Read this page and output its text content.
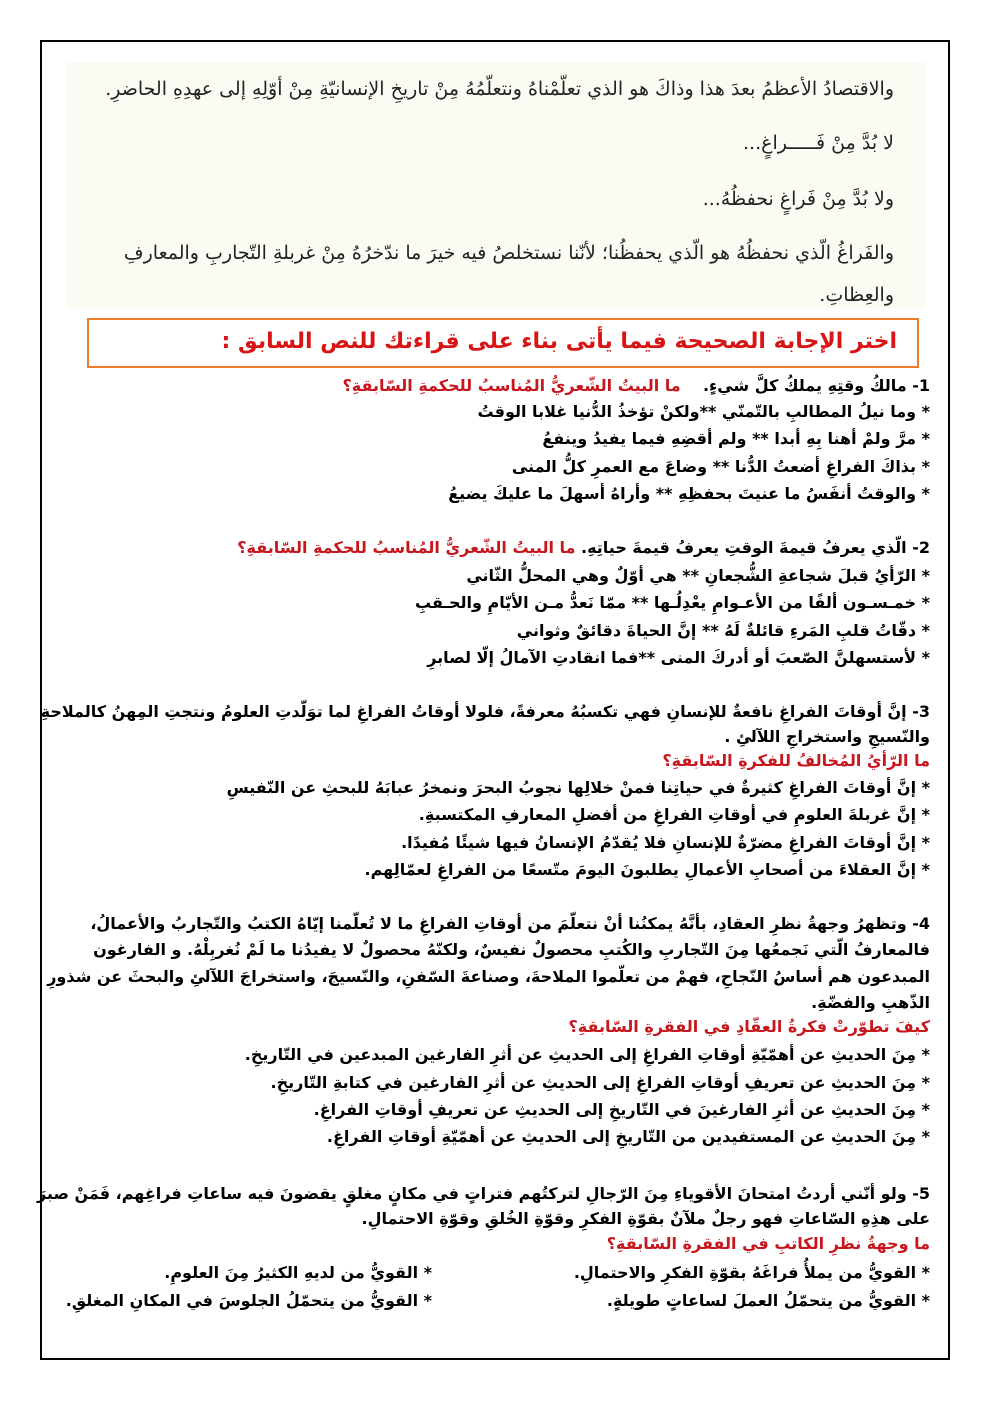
والاقتصادُ الأعظمُ بعدَ هذا وذاكَ هو الذي تعلّمْناهُ ونتعلّمُهُ مِنْ تاريخِ الإنسانيّةِ مِنْ أوّلِهِ إلى عهدِهِ الحاضرِ.
لا بُدَّ مِنْ فَـــــراغٍ...
ولا بُدَّ مِنْ فَراغٍ نحفظُهُ...
والفَراغُ الّذي نحفظُهُ هو الّذي يحفظُنا؛ لأنّنا نستخلصُ فيه خيرَ ما ندّخرُهُ مِنْ غربلةِ التّجاربِ والمعارفِ
والعِظاتِ.
اختر الإجابة الصحيحة فيما يأتى بناء على قراءتك للنص السابق :
1- مالكُ وقتِهِ يملكُ كلَّ شيءٍ.    ما البيتُ الشّعريُّ المُناسبُ للحكمةِ السّابقةِ؟
* وما نيلُ المطالبِ بالتّمنّي **ولكنْ تؤخذُ الدُّنيا غلابا الوقتُ
* مرَّ ولمْ أهنا بِهِ أبدا ** ولم أقضِهِ فيما يفيدُ وينفعُ
* بذاكَ الفراغِ أضعتُ الدُّنا ** وضاعَ مع العمرِ كلُّ المنى
* والوقتُ أنفَسُ ما عنيتَ بحفظِهِ ** وأراهُ أسهلَ ما عليكَ يضيعُ
2- الّذي يعرفُ قيمةَ الوقتِ يعرفُ قيمةَ حياتِهِ. ما البيتُ الشّعريُّ المُناسبُ للحكمةِ السّابقةِ؟
* الرّأيُ قبلَ شجاعةِ الشُّجعانِ ** هي أوّلٌ وهي المحلُّ الثّاني
* خمـسـون ألفًا من الأعـوامِ يعْدِلُـها ** ممّا نَعدُّ مـن الأيّامِ والحـقبِ
* دقّاتُ قلبِ المَرءِ قائلةٌ لَهُ ** إنَّ الحياةَ دقائقٌ وثواني
* لأستسهلنَّ الصّعبَ أو أدركَ المنى **فما انقادتِ الآمالُ إلّا لصابرِ
3- إنَّ أوقاتَ الفراغِ نافعةٌ للإنسانِ فهي تكسبُهُ معرفةً، فلولا أوقاتُ الفراغِ لما توَلّدتِ العلومُ ونتجتِ المِهنُ كالملاحةِ
والنّسيجِ واستخراجِ اللآلئِ .
ما الرّأيُ المُخالفُ للفكرةِ السّابقةِ؟
* إنَّ أوقاتَ الفراغِ كثيرةٌ في حياتِنا فمنْ خلالِها نجوبُ البحرَ ونمخرُ عبابَهُ للبحثِ عن النّفيسِ
* إنَّ غربلةَ العلومِ في أوقاتِ الفراغِ من أفضلِ المعارفِ المكتسبةِ.
* إنَّ أوقاتَ الفراغِ مضرّةٌ للإنسانِ فلا يُقدّمُ الإنسانُ فيها شيئًا مُفيدًا.
* إنَّ العقلاءَ من أصحابِ الأعمالِ يطلبونَ اليومَ متّسعًا من الفراغِ لعمّالِهم.
4- وتظهرُ وجهةُ نظرِ العقادِ، بأنَّهُ يمكنُنا أنْ نتعلّمَ من أوقاتِ الفراغِ ما لا تُعلّمنا إيّاهُ الكتبُ والتّجاربُ والأعمالُ،
فالمعارفُ الّتي نَجمعُها مِنَ التّجاربِ والكُتبِ محصولٌ نفيسٌ، ولكنّهُ محصولٌ لا يفيدُنا ما لَمْ نُغربِلْهُ. و الفارغون
المبدعون هم أساسُ النّجاحِ، فهمْ من تعلّموا الملاحةَ، وصناعةَ السّفنِ، والنّسيجَ، واستخراجَ اللآلئِ والبحثَ عن شذورِ
الذّهبِ والفضّةِ.
كيفَ تطوّرتْ فكرةُ العقّادِ في الفقرةِ السّابقةِ؟
* مِنَ الحديثِ عن أهمّيّةِ أوقاتِ الفراغِ إلى الحديثِ عن أثرِ الفارغين المبدعين في التّاريخِ.
* مِنَ الحديثِ عن تعريفِ أوقاتِ الفراغِ إلى الحديثِ عن أثرِ الفارغين في كتابةِ التّاريخِ.
* مِنَ الحديثِ عن أثرِ الفارغينَ في التّاريخِ إلى الحديثِ عن تعريفِ أوقاتِ الفراغِ.
* مِنَ الحديثِ عن المستفيدين من التّاريخِ إلى الحديثِ عن أهمّيّةِ أوقاتِ الفراغِ.
5- ولو أنّني أردتُ امتحانَ الأقوياءِ مِنَ الرّجالِ لتركتُهم فتراتٍ في مكانٍ مغلقٍ يقضونَ فيه ساعاتِ فراغِهم، فَمَنْ صبرَ
على هذِهِ السّاعاتِ فهو رجلٌ ملآنٌ بقوّةِ الفكرِ وقوّةِ الخُلقِ وقوّةِ الاحتمالِ.
ما وجهةُ نظرِ الكاتبِ في الفقرةِ السّابقةِ؟
* القويُّ من يملأُ فراغَهُ بقوّةِ الفكرِ والاحتمالِ.
* القويُّ من لديهِ الكثيرُ مِنَ العلومِ.
* القويُّ من يتحمّلُ العملَ لساعاتٍ طويلةٍ.
* القويُّ من يتحمّلُ الجلوسَ في المكانِ المغلقِ.
